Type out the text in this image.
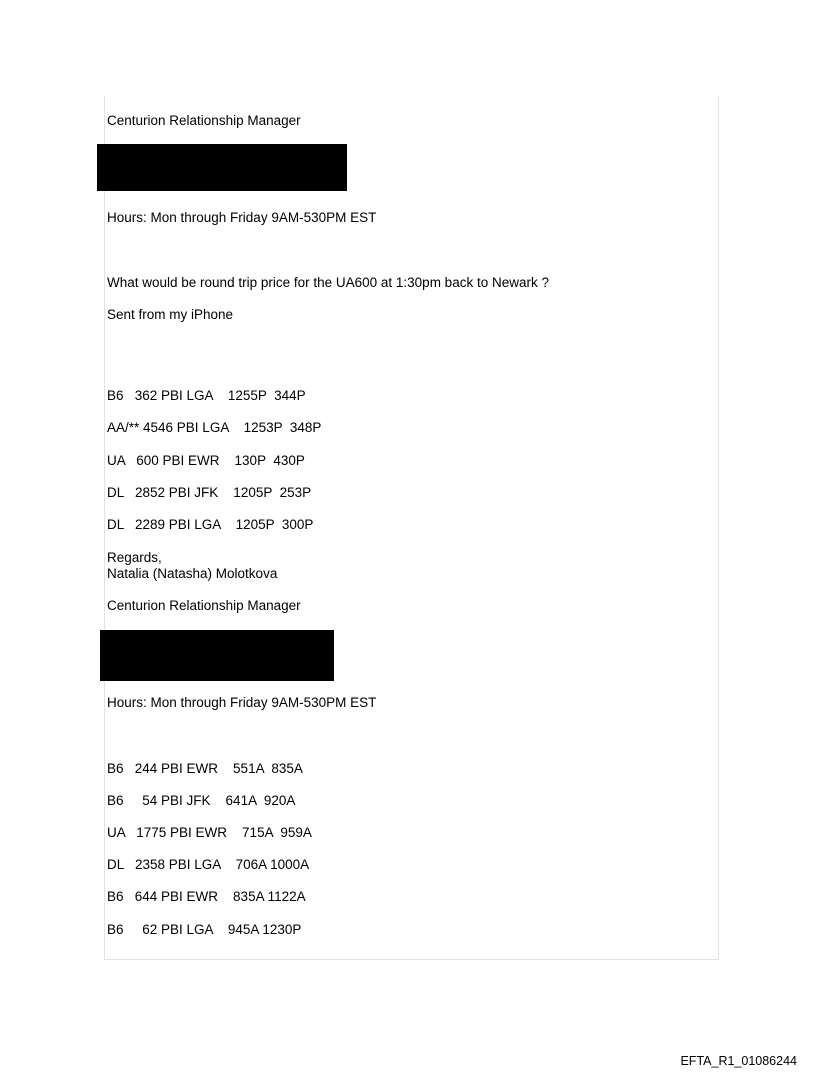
Centurion Relationship Manager

Hours: Mon through Friday 9AM-530PM EST

What would be round trip price for the UA600 at 1:30pm back to Newark ?

Sent from my iPhone

B6   362 PBI LGA    1255P  344P

AA/** 4546 PBI LGA    1253P  348P

UA   600 PBI EWR    130P  430P

DL   2852 PBI JFK    1205P  253P

DL   2289 PBI LGA    1205P  300P

Regards,

Natalia (Natasha) Molotkova

Centurion Relationship Manager

Hours: Mon through Friday 9AM-530PM EST

B6   244 PBI EWR    551A  835A

B6     54 PBI JFK    641A  920A

UA   1775 PBI EWR    715A  959A

DL   2358 PBI LGA    706A 1000A

B6   644 PBI EWR    835A 1122A

B6     62 PBI LGA    945A 1230P

EFTA_R1_01086244
